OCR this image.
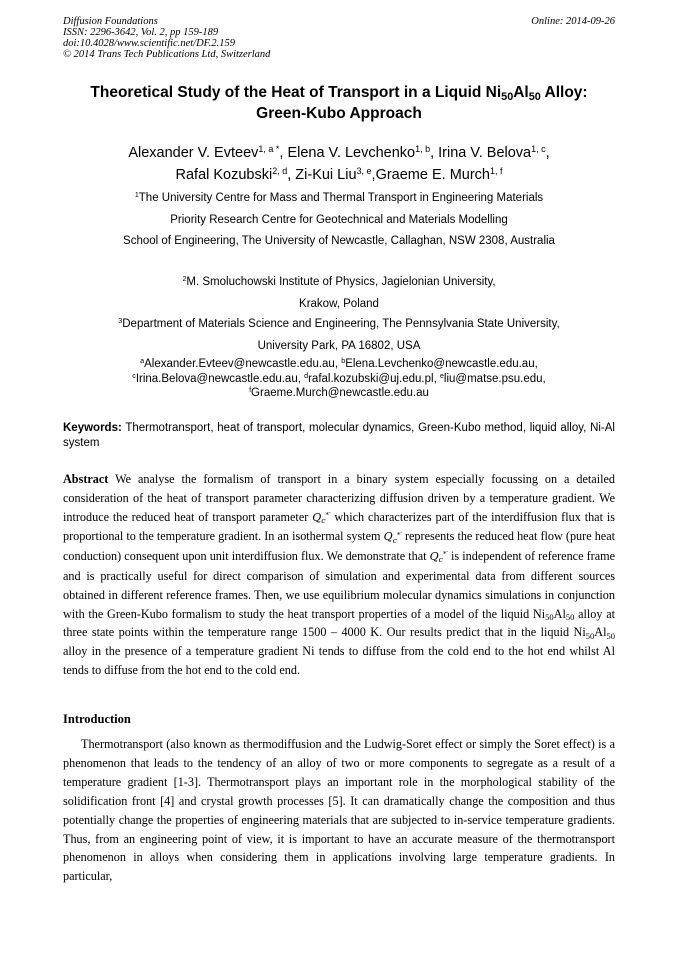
Diffusion Foundations
ISSN: 2296-3642, Vol. 2, pp 159-189
doi:10.4028/www.scientific.net/DF.2.159
© 2014 Trans Tech Publications Ltd, Switzerland
Online: 2014-09-26
Theoretical Study of the Heat of Transport in a Liquid $Ni_{50}Al_{50}$ Alloy:
Green-Kubo Approach
Alexander V. Evteev$^{1, a *}$, Elena V. Levchenko$^{1, b}$, Irina V. Belova$^{1, c}$,
Rafal Kozubski$^{2, d}$, Zi-Kui Liu$^{3, e}$,Graeme E. Murch$^{1, f}$
$^1$The University Centre for Mass and Thermal Transport in Engineering Materials
Priority Research Centre for Geotechnical and Materials Modelling
School of Engineering, The University of Newcastle, Callaghan, NSW 2308, Australia
$^2$M. Smoluchowski Institute of Physics, Jagielonian University,
Krakow, Poland
$^3$Department of Materials Science and Engineering, The Pennsylvania State University,
University Park, PA 16802, USA
$^a$Alexander.Evteev@newcastle.edu.au, $^b$Elena.Levchenko@newcastle.edu.au,
$^c$Irina.Belova@newcastle.edu.au, $^d$rafal.kozubski@uj.edu.pl, $^e$liu@matse.psu.edu,
$^f$Graeme.Murch@newcastle.edu.au
Keywords: Thermotransport, heat of transport, molecular dynamics, Green-Kubo method, liquid alloy, Ni-Al system
Abstract We analyse the formalism of transport in a binary system especially focussing on a detailed consideration of the heat of transport parameter characterizing diffusion driven by a temperature gradient. We introduce the reduced heat of transport parameter $Q_c^{*'}$ which characterizes part of the interdiffusion flux that is proportional to the temperature gradient. In an isothermal system $Q_c^{*'}$ represents the reduced heat flow (pure heat conduction) consequent upon unit interdiffusion flux. We demonstrate that $Q_c^{*'}$ is independent of reference frame and is practically useful for direct comparison of simulation and experimental data from different sources obtained in different reference frames. Then, we use equilibrium molecular dynamics simulations in conjunction with the Green-Kubo formalism to study the heat transport properties of a model of the liquid $Ni_{50}Al_{50}$ alloy at three state points within the temperature range 1500 – 4000 K. Our results predict that in the liquid $Ni_{50}Al_{50}$ alloy in the presence of a temperature gradient Ni tends to diffuse from the cold end to the hot end whilst Al tends to diffuse from the hot end to the cold end.
Introduction
Thermotransport (also known as thermodiffusion and the Ludwig-Soret effect or simply the Soret effect) is a phenomenon that leads to the tendency of an alloy of two or more components to segregate as a result of a temperature gradient [1-3]. Thermotransport plays an important role in the morphological stability of the solidification front [4] and crystal growth processes [5]. It can dramatically change the composition and thus potentially change the properties of engineering materials that are subjected to in-service temperature gradients. Thus, from an engineering point of view, it is important to have an accurate measure of the thermotransport phenomenon in alloys when considering them in applications involving large temperature gradients. In particular,
